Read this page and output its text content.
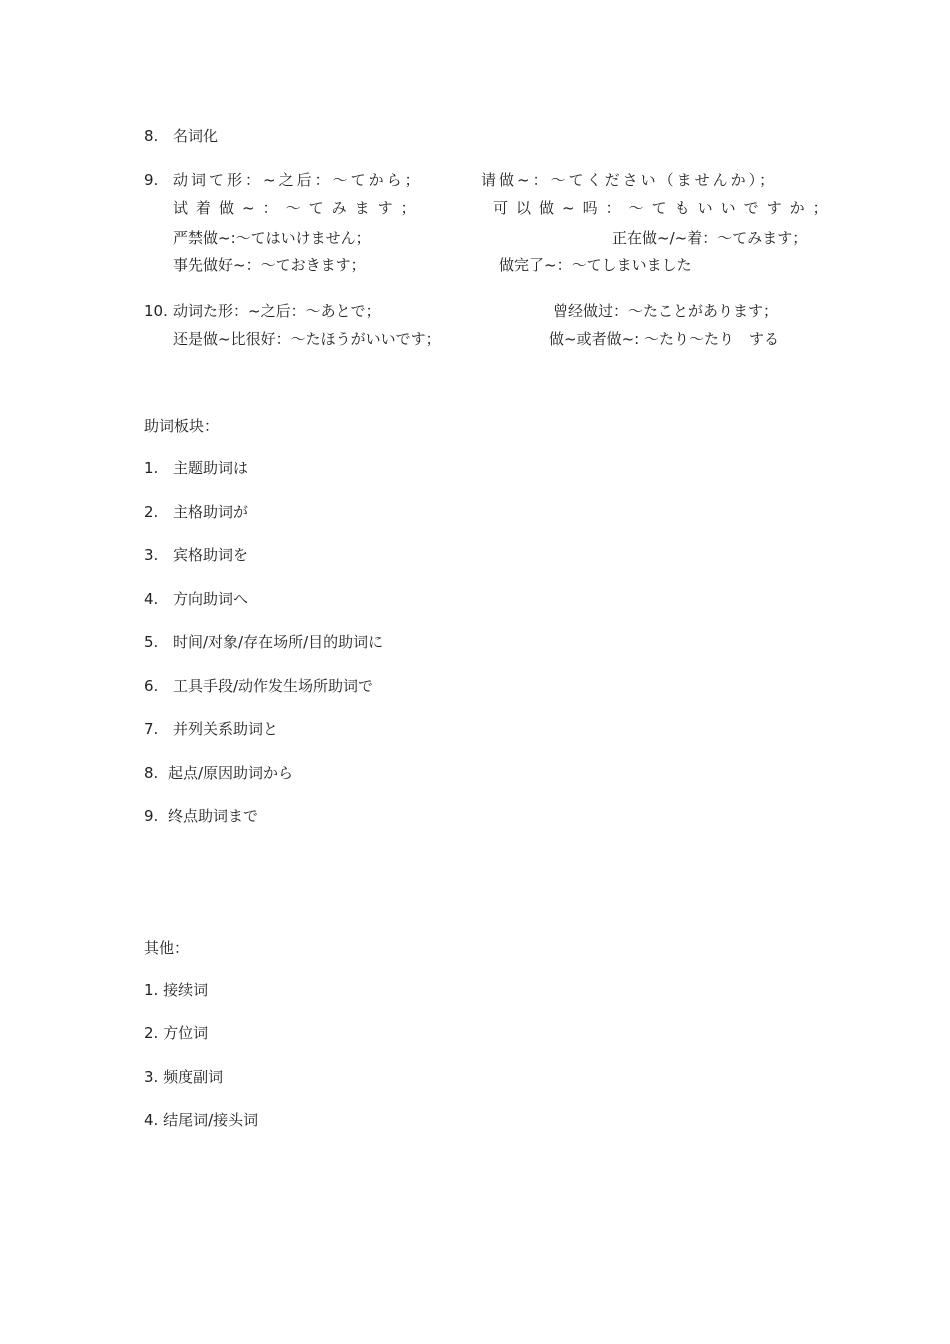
8. 名词化
9. 动词て形：~之后：～てから；	请做~：～てください（ませんか）；
试着做~：～てみます；	可以做~吗：～てもいいですか；
严禁做~:～てはいけません；	正在做~/~着：～てみます；
事先做好~：～ておきます；	做完了~：～てしまいました
10. 动词た形：~之后：～あとで；	曾经做过：～たことがあります；
还是做~比很好：～たほうがいいです；	做~或者做~: ～たり～たり　する
助词板块：
1. 主题助词は
2. 主格助词が
3. 宾格助词を
4. 方向助词へ
5. 时间/对象/存在场所/目的助词に
6. 工具手段/动作发生场所助词で
7. 并列关系助词と
8. 起点/原因助词から
9. 终点助词まで
其他：
1. 接续词
2. 方位词
3. 频度副词
4. 结尾词/接头词
